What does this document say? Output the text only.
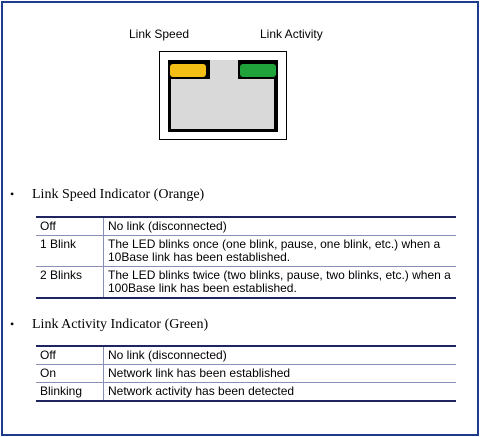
Link Speed	Link Activity
• Link Speed Indicator (Orange)
Off	No link (disconnected)
1 Blink	The LED blinks once (one blink, pause, one blink, etc.) when a 10Base link has been established.
2 Blinks	The LED blinks twice (two blinks, pause, two blinks, etc.) when a 100Base link has been established.
• Link Activity Indicator (Green)
Off	No link (disconnected)
On	Network link has been established
Blinking	Network activity has been detected
